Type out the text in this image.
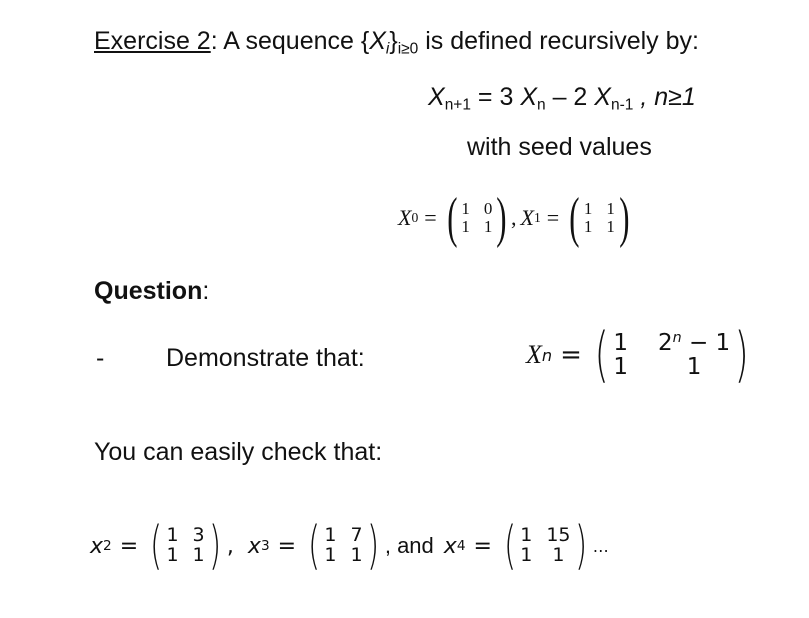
Exercise 2: A sequence $\{X_i\}_{i\ge 0}$ is defined recursively by:
$X_{n+1} = 3$ $X_n - 2$ $X_{n-1}$ , n≥1
with seed values
X 0 = ( 1 0
1 1 ) , X 1 = ( 1 1
1 1 )
Question:
- Demonstrate that:	X n = ( 1 $2^n - 1$
1	1 )
You can easily check that:
x 2 = ( 1 3
1 1 ) , x 3 = ( 1 7
1 1 ) , and x 4 = ( 1 15
1	1 ) …
